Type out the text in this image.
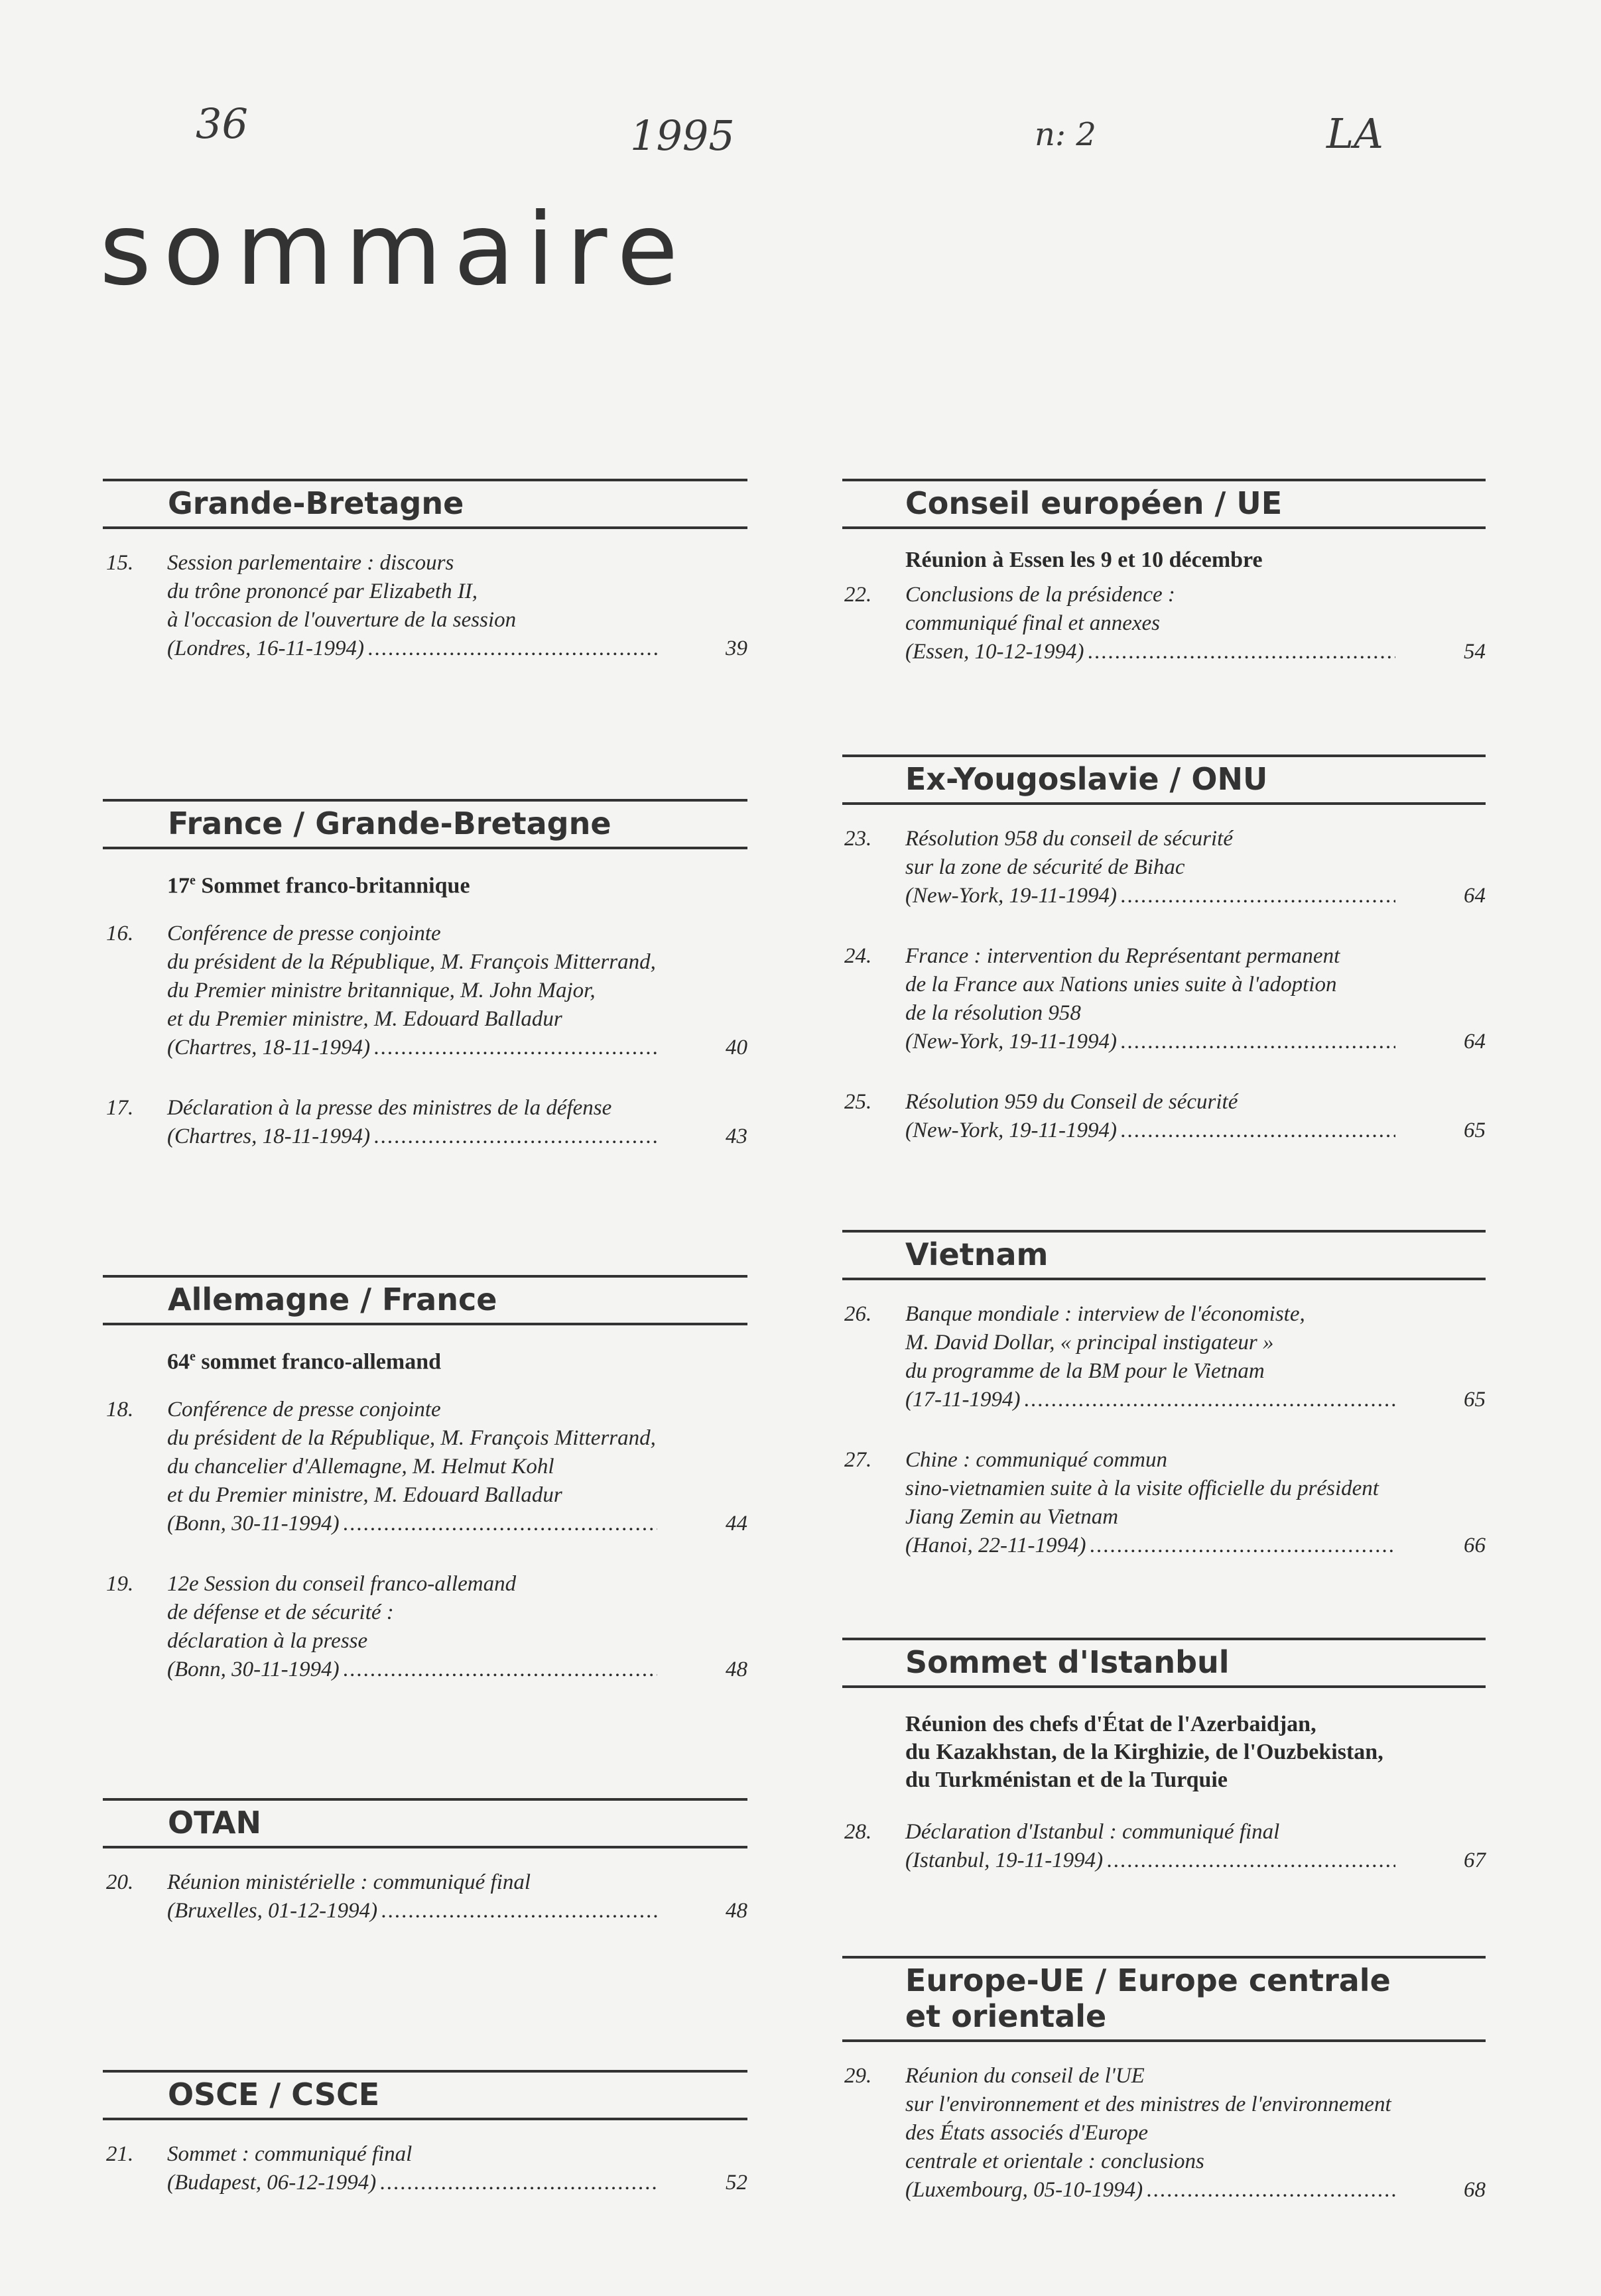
36	1995	n: 2	LA
sommaire
Grande-Bretagne
15. Session parlementaire : discours
du trône prononcé par Elizabeth II,
à l'occasion de l'ouverture de la session
(Londres, 16-11-1994) .....	39
France / Grande-Bretagne
17e Sommet franco-britannique
16. Conférence de presse conjointe
du président de la République, M. François Mitterrand,
du Premier ministre britannique, M. John Major,
et du Premier ministre, M. Edouard Balladur
(Chartres, 18-11-1994) .....	40
17. Déclaration à la presse des ministres de la défense
(Chartres, 18-11-1994) .....	43
Allemagne / France
64e sommet franco-allemand
18. Conférence de presse conjointe
du président de la République, M. François Mitterrand,
du chancelier d'Allemagne, M. Helmut Kohl
et du Premier ministre, M. Edouard Balladur
(Bonn, 30-11-1994) .....	44
19. 12e Session du conseil franco-allemand
de défense et de sécurité :
déclaration à la presse
(Bonn, 30-11-1994) .....	48
OTAN
20. Réunion ministérielle : communiqué final
(Bruxelles, 01-12-1994) .....	48
OSCE / CSCE
21. Sommet : communiqué final
(Budapest, 06-12-1994) .....	52
Conseil européen / UE
Réunion à Essen les 9 et 10 décembre
22. Conclusions de la présidence :
communiqué final et annexes
(Essen, 10-12-1994) .....	54
Ex-Yougoslavie / ONU
23. Résolution 958 du conseil de sécurité
sur la zone de sécurité de Bihac
(New-York, 19-11-1994) .....	64
24. France : intervention du Représentant permanent
de la France aux Nations unies suite à l'adoption
de la résolution 958
(New-York, 19-11-1994) .....	64
25. Résolution 959 du Conseil de sécurité
(New-York, 19-11-1994) .....	65
Vietnam
26. Banque mondiale : interview de l'économiste,
M. David Dollar, « principal instigateur »
du programme de la BM pour le Vietnam
(17-11-1994) .....	65
27. Chine : communiqué commun
sino-vietnamien suite à la visite officielle du président
Jiang Zemin au Vietnam
(Hanoi, 22-11-1994) .....	66
Sommet d'Istanbul
Réunion des chefs d'État de l'Azerbaidjan,
du Kazakhstan, de la Kirghizie, de l'Ouzbekistan,
du Turkménistan et de la Turquie
28. Déclaration d'Istanbul : communiqué final
(Istanbul, 19-11-1994) .....	67
Europe-UE / Europe centrale
et orientale
29. Réunion du conseil de l'UE
sur l'environnement et des ministres de l'environnement
des États associés d'Europe
centrale et orientale : conclusions
(Luxembourg, 05-10-1994) .....	68
